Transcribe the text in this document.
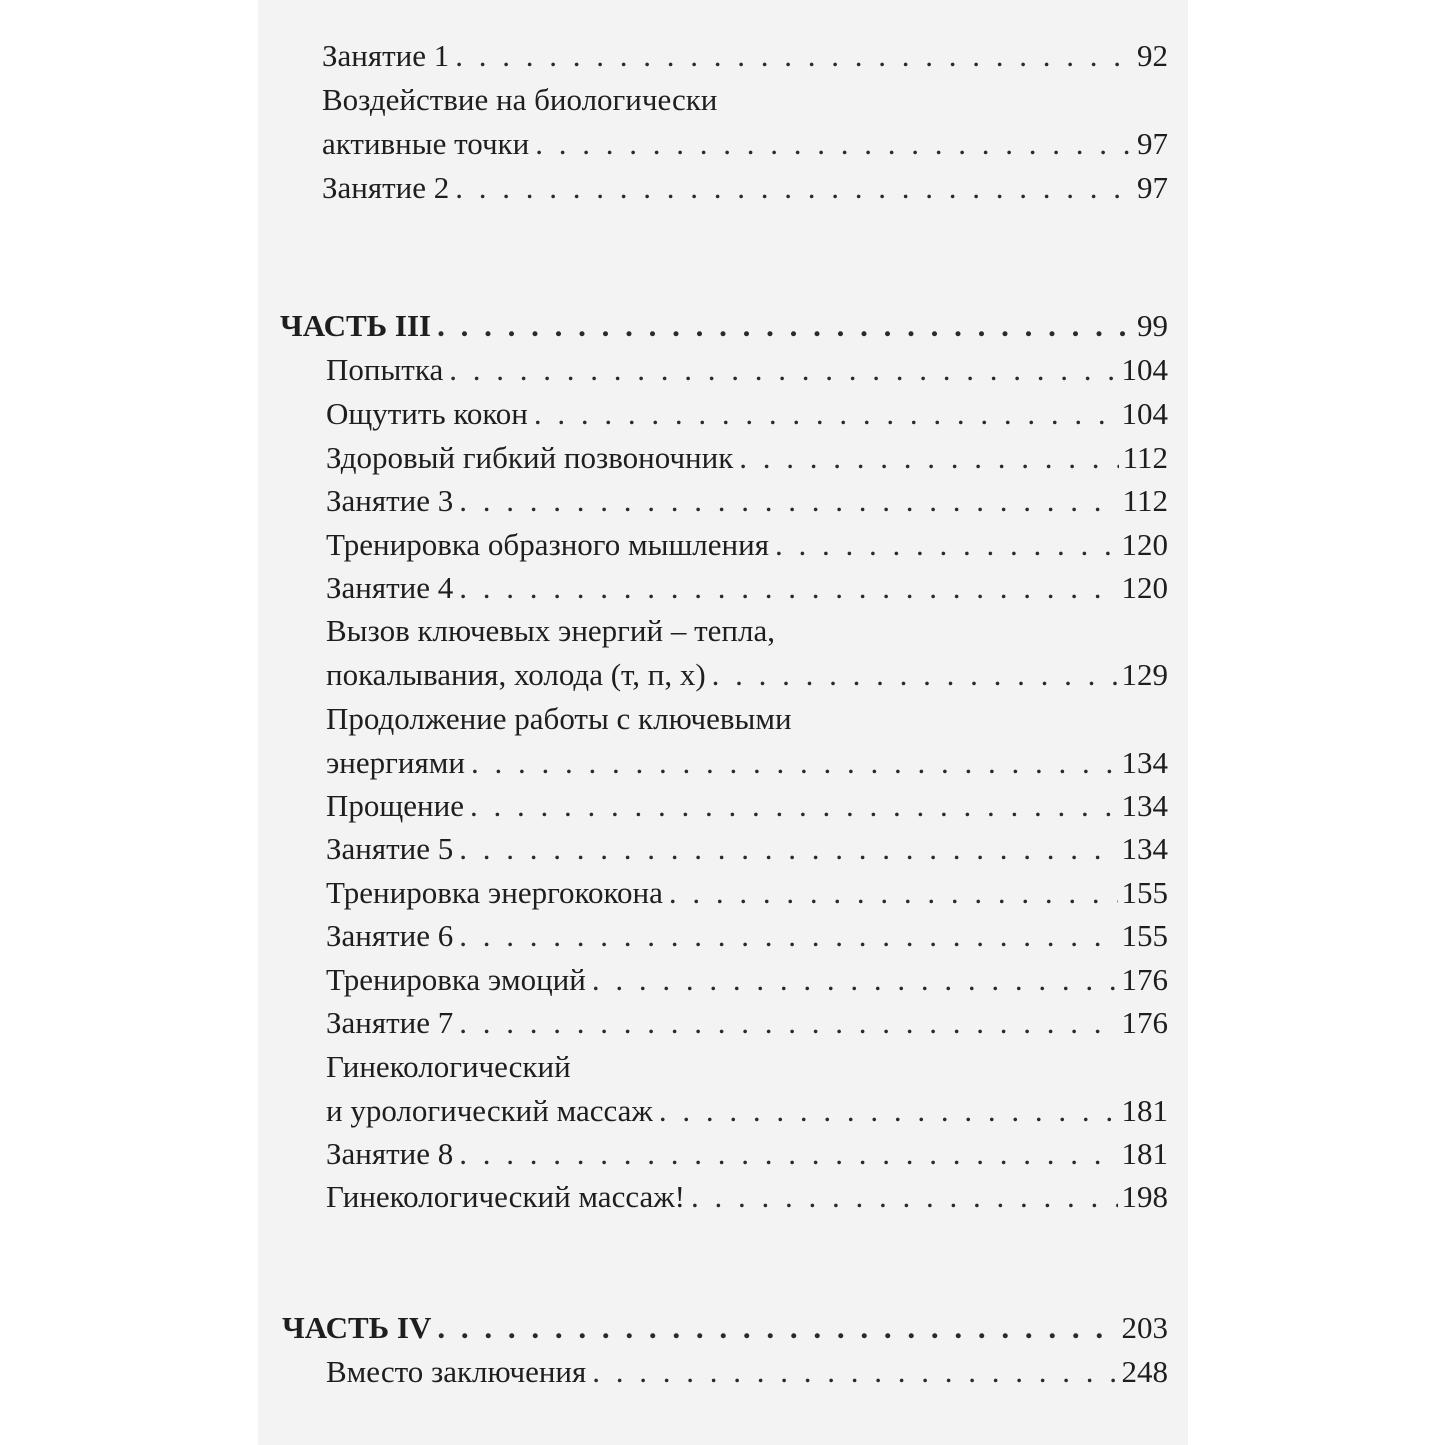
Занятие 1 . . .	92
Воздействие на биологически
активные точки . . .	97
Занятие 2 . . .	97
ЧАСТЬ III . . .	99
Попытка . . .	104
Ощутить кокон . . .	104
Здоровый гибкий позвоночник . . .	112
Занятие 3 . . .	112
Тренировка образного мышления . . .	120
Занятие 4 . . .	120
Вызов ключевых энергий – тепла,
покалывания, холода (т, п, х) . . .	129
Продолжение работы с ключевыми
энергиями . . .	134
Прощение . . .	134
Занятие 5 . . .	134
Тренировка энергококона . . .	155
Занятие 6 . . .	155
Тренировка эмоций . . .	176
Занятие 7 . . .	176
Гинекологический
и урологический массаж . . .	181
Занятие 8 . . .	181
Гинекологический массаж! . . .	198
ЧАСТЬ IV . . .	203
Вместо заключения . . .	248
